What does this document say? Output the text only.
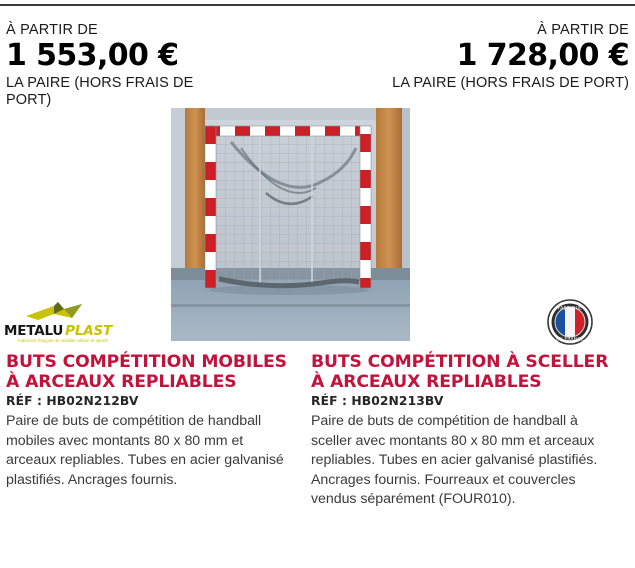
À PARTIR DE
1 553,00 €
LA PAIRE (HORS FRAIS DE PORT)
À PARTIR DE
1 728,00 €
LA PAIRE (HORS FRAIS DE PORT)
METALU PLAST
Fabricant français de mobilier urbain et sportif
FABRIQUÉ
EN FRANCE
BUTS COMPÉTITION MOBILES À ARCEAUX REPLIABLES
RÉF : HB02N212BV

Paire de buts de compétition de handball mobiles avec montants 80 x 80 mm et arceaux repliables. Tubes en acier galvanisé plastifiés. Ancrages fournis.

BUTS COMPÉTITION À SCELLER À ARCEAUX REPLIABLES
RÉF : HB02N213BV

Paire de buts de compétition de handball à sceller avec montants 80 x 80 mm et arceaux repliables. Tubes en acier galvanisé plastifiés. Ancrages fournis. Fourreaux et couvercles vendus séparément (FOUR010).
